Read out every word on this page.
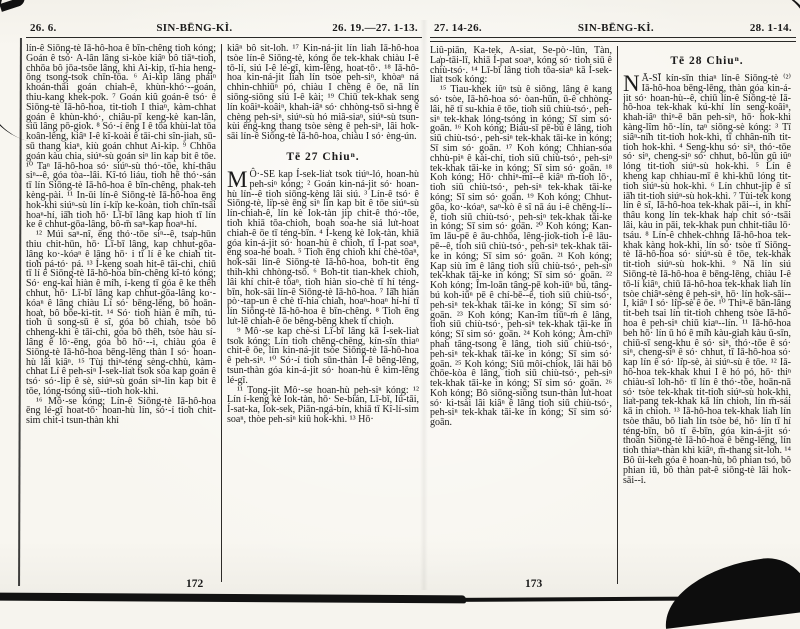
26. 6.	SIN-BĒNG-KÌ.	26. 19.—27. 1-13.

lín-ê Siōng-tè Iā-hô-hoa ê bīn-chêng tio̍h kóng; Goán ê tsó· A-lân lâng sì-kòe kiâⁿ bô tiāⁿ-tio̍h, chhōa bô jōa-tsōe lâng, khì Ai-kip, tī-hia heng-ōng tsong-tso̍k chīn-tōa. ⁶ Ai-kip lâng pháiⁿ khoán-thāi goán chiah-ê, khùn-khó·--goán, thiu-kang khek-po̍k. ⁷ Goán kiû goán-ê tsó· ê Siōng-tè Iā-hô-hoa, tit-tio̍h I thiaⁿ, kàm-chhat goán ê khùn-khó·, chiâu-pī keng-kè kan-lân, siū lâng pō-gio̍k. ⁸ Só·-í ēng I ê tōa khùi-la̍t tōa koân-lêng, kiâⁿ I-ê kî-koài ê tāi-chì sîn-jiah, sū-sū thang kiaⁿ, kiù goán chhut Ai-kip. ⁹ Chhōa goán kàu chia, siúⁿ-sù goán siⁿ lin kap bit ê tōe. ¹⁰ Taⁿ Iā-hô-hoa só· siúⁿ-sù thó·-tōe, khí-thâu siⁿ--ê, góa tòa--lâi. Kî-tó liáu, tio̍h hē thó·-sán tī lín Siōng-tè Iā-hô-hoa ê bīn-chêng, phak-teh kèng-pài. ¹¹ In-ūi lín-ê Siōng-tè Iā-hô-hoa ēng hok-khì siúⁿ-sù lín í-ki̍p ke-koàn, tio̍h chīn-tsāi hoaⁿ-hí, iā̍h tio̍h hō· Lī-bī lâng kap hioh tī lín ke ê chhut-gōa-lâng, bô-m̄ saⁿ-kap hoaⁿ-hí.

¹² Múi saⁿ-nî, ēng thó·-tōe siⁿ--ê, tsa̍p-hūn thiu chit-hūn, hō· Lī-bī lâng, kap chhut-gōa-lâng ko·-kóaⁿ ê lâng hō· i tī lí ê ke chia̍h tit-tio̍h pá-tó· pá. ¹³ Í-keng soah hit-ê tāi-chì, chiū tī lí ê Siōng-tè Iā-hô-hoa bīn-chêng kî-tó kóng; Só· eng-kai hiàn ê mi̍h, í-keng tī góa ê ke thêh chhut, hō· Lī-bī lâng kap chhut-gōa-lâng ko·-kóaⁿ ê lâng chiàu Lí só· bēng-lēng, bô hoān-hoa̍t, bô bōe-kì-tit. ¹⁴ Só· tio̍h hiàn ê mi̍h, tú-tio̍h ū song-sū ê sî, góa bô chia̍h, tsòe bô chheng-khì ê tāi-chì, góa bô thêh, tsòe hàu sí-lâng ê lō·-ēng, góa bô hō·--i, chiàu góa ê Siōng-tè Iā-hô-hoa bēng-lēng thàn I só· hoan-hù lâi kiâⁿ. ¹⁵ Tùi thiⁿ-téng sèng-chhù, kàm-chhat Lí ê peh-siⁿ Í-sek-lia̍t tso̍k sòa kap goán ê tsó· só·-lip ê sè, siúⁿ-sù goán siⁿ-lin kap bit ê tōe, lóng-tsóng siū--tio̍h hok-khì.

¹⁶ Mô·-se kóng; Lín-ê Siōng-tè Iā-hô-hoa ēng lé-gî hoat-tō· hoan-hù lín, só·-í tio̍h chit-sim chit-ì tsun-thàn khì

kiâⁿ bô sit-lo̍h. ¹⁷ Kin-ná-jit lín lia̍h Iā-hô-hoa tsòe lín-ê Siōng-tè, kóng ōe tek-khak chiàu I-ê tō-lí, siú I-ê lé-gî, kìm-lēng, hoat-tō·. ¹⁸ Iā-hô-hoa kin-ná-jit lia̍h lín tsòe peh-siⁿ, khòaⁿ ná chhin-chhiūⁿ pó, chiàu I chêng ê ōe, nā lín siōng-siōng siú I-ê kài; ¹⁹ Chiū tek-khak seng lín koâiⁿ-koâiⁿ, khah-iâⁿ só· chhòng-tsō sì-hng ê chèng peh-siⁿ, siúⁿ-sù hó miâ-siaⁿ, siúⁿ-sù tsun-kùi êng-kng thang tsòe sèng ê peh-siⁿ, lâi ho̍k-sāi lín-ê Siōng-tè Iā-hô-hoa, chiàu I só· èng-ún.

Tē 27 Chiuⁿ.

M Ô·-SE kap Í-sek-lia̍t tso̍k tiúⁿ-ló, hoan-hù peh-siⁿ kóng; ² Goán kin-ná-jit só· hoan-hù lín--ê tio̍h siōng-kèng lâi siú. ³ Lín-ê tsó· ê Siōng-tè, li̍p-sè ēng siⁿ lin kap bit ê tōe siúⁿ-sù lín-chiah-ê, lín kè Iok-tàn jip chit-ê thó·-tōe, tio̍h khiā tōa-chio̍h, boah soa-he siá lu̍t-hoat chiah-ê ōe tī téng-bīn. ⁴ Í-keng kè Iok-tàn, khiā góa kin-á-jit só· hoan-hù ê chio̍h, tī Í-pat soaⁿ, ēng soa-he boah. ⁵ Tio̍h ēng chio̍h khí chè-tôaⁿ, ho̍k-sāi lín-ê Siōng-tè Iā-hô-hoa, bo̍h-tit ēng thih-khì chhòng-tsō. ⁶ Bo̍h-tit tian-khek chio̍h, lâi khí chit-ê tôaⁿ, tio̍h hiàn sio-chè tī hí téng-bīn, ho̍k-sāi lín-ê Siōng-tè Iā-hô-hoa. ⁷ Iā̍h hiàn pò·-tap-un ê chè tī-hia chia̍h, hoaⁿ-hoaⁿ hí-hí tī lín Siōng-tè Iā-hô-hoa ê bīn-chêng. ⁸ Tio̍h ēng lu̍t-lē chiah-ê ōe bêng-bêng khek tī chio̍h.

⁹ Mô·-se kap chè-si Lī-bī lâng kā Í-sek-lia̍t tso̍k kóng; Lín tio̍h chēng-chēng, kín-sīn thiaⁿ chit-ê ōe, lín kin-ná-jit tsòe Siōng-tè Iā-hô-hoa ê peh-siⁿ. ¹⁰ Só·-í tio̍h sūn-thàn I-ê bēng-lēng, tsun-thàn góa kin-á-jit só· hoan-hù ê kìm-lēng lé-gî.

¹¹ Tong-jit Mô·-se hoan-hù peh-siⁿ kóng: ¹² Lín í-keng kè Iok-tàn, hō· Se-bián, Lī-bī, Iû-tāi, Í-sat-ka, Iok-sek, Piān-ngá-bín, khiā tī Kî-lí-sim soaⁿ, thòe peh-siⁿ kiû hok-khì. ¹³ Hō·

172
27. 14-26.	SIN-BĒNG-KÌ.	28. 1-14.

Liû-piān, Ka-tek, A-siat, Se-pò·-lûn, Tàn, La̍p-tāi-lī, khiā Í-pat soaⁿ, kóng só· tio̍h siū ê chiù-tsó·. ¹⁴ Lī-bī lâng tio̍h tōa-siaⁿ kā Í-sek-lia̍t tso̍k kóng:

¹⁵ Tiau-khek iûⁿ tsù ê siōng, lâng ê kang só· tsòe, Iā-hô-hoa só· òan-hūn, ū-ê chhòng-lâi, hē tī su-khia ê tōe, tio̍h siū chiù-tsó·, peh-siⁿ tek-khak lóng-tsóng ìn kóng; Sī sim só· goān. ¹⁶ Koh kóng; Biáu-sī pē-bú ê lâng, tio̍h siū chiù-tsó·, peh-siⁿ tek-khak tāi-ke ìn kóng; Sī sim só· goān. ¹⁷ Koh kóng; Chhian-sóa chhù-piⁿ ê kài-chí, tio̍h siū chiù-tsó·, peh-siⁿ tek-khak tāi-ke ìn kóng; Sī sim só· goān. ¹⁸ Koh kóng; Hō· chhiⁿ-mî--ê kiâⁿ m̄-tio̍h lō·, tio̍h siū chiù-tsó·, peh-siⁿ tek-khak tāi-ke kóng; Sī sim só· goān. ¹⁹ Koh kóng; Chhut-gōa, ko·-kóaⁿ, saⁿ-kò ê sî nā áu i-ê chēng-lí--ê, tio̍h siū chiù-tsó·, peh-siⁿ tek-khak tāi-ke ìn kóng; Sī sim só· goān. ²⁰ Koh kóng; Kan-îm lāu-pē ê āu-chhōa, lêng-jio̍k-tio̍h i-ê lāu-pē--ê, tio̍h siū chiù-tsó·, peh-siⁿ tek-khak tāi-ke ìn kóng; Sī sim só· goān. ²¹ Koh kóng; Kap siù îm ê lâng tio̍h siū chiù-tsó·, peh-siⁿ tek-khak tāi-ke ìn kóng; Sī sim só· goān. ²² Koh kóng; Îm-loān tâng-pē koh-iūⁿ bú, tâng-bú koh-iūⁿ pē ê chí-bē--ê, tio̍h siū chiù-tsó·, peh-siⁿ tek-khak tāi-ke ìn kóng; Sī sim só· goān. ²³ Koh kóng; Kan-îm tiūⁿ-ḿ ê lâng, tio̍h siū chiù-tsó·, peh-siⁿ tek-khak tāi-ke ìn kóng; Sī sim só· goān. ²⁴ Koh kóng; Àm-chīⁿ phah tâng-tsong ê lâng, tio̍h siū chiù-tsó·, peh-siⁿ tek-khak tāi-ke ìn kóng; Sī sim só· goān. ²⁵ Koh kóng; Siū môi-chiok, lâi hāi bô chōe-kòa ê lâng, tio̍h siū chiù-tsó·, peh-siⁿ tek-khak tāi-ke ìn kóng; Sī sim só· goān. ²⁶ Koh kóng; Bô siōng-siōng tsun-thàn lu̍t-hoat só· kì-tsài lâi kiâⁿ ê lâng tio̍h siū chiù-tsó·, peh-siⁿ tek-khak tāi-ke ìn kóng; Sī sim só· goān.

Tē 28 Chiuⁿ.

N Ā-SĪ kín-sīn thiaⁿ lín-ê Siōng-tè ⁽²⁾ Iā-hô-hoa bēng-lēng, thàn góa kin-á-jit só· hoan-hù--ê, chiū lín-ê Siōng-tè Iā-hô-hoa tek-khak kú-khí lín seng-koâiⁿ, khah-iâⁿ thiⁿ-ē bān peh-siⁿ, hō· hok-khì kàng-lîm hō·-lín, taⁿ siōng-sè kóng: ³ Tī siâⁿ-ni̍h tit-tio̍h hok-khì, tī chhân-ni̍h tit-tio̍h hok-khì. ⁴ Seng-khu só· siⁿ, thó·-tōe só· siⁿ, cheng-siⁿ só· chhut, bô-lūn gû iûⁿ lóng tit-tio̍h siúⁿ-sù hok-khì. ⁵ Lín ê kheng kap chhiau-mī ê khì-khū lóng tit-tio̍h siúⁿ-sù hok-khì. ⁶ Lín chhut-jip ê sî iā̍h tit-tio̍h siúⁿ-sù hok-khì. ⁷ Tùi-te̍k kong lín ê sî, Iā-hô-hoa tek-khak pāi--i, in khí-thâu kong lín tek-khak ha̍p chit só·-tsāi lâi, kàu in pāi, tek-khak pun chhit-tiâu lō· tsáu. ⁸ Lín-ê chhek-chhng Iā-hô-hoa tek-khak kàng hok-khì, lín só· tsòe tī Siōng-tè Iā-hô-hoa só· siúⁿ-sù ê tōe, tek-khak tit-tio̍h siúⁿ-sù hok-khì. ⁹ Nā lín siú Siōng-tè Iā-hô-hoa ê bēng-lēng, chiàu I-ê tō-lí kiâⁿ, chiū Iā-hô-hoa tek-khak lia̍h lín tsòe chiâⁿ-sèng ê peh-siⁿ, hō· lín ho̍k-sāi--I, kiâⁿ I só· li̍p-sè ê ōe. ¹⁰ Thiⁿ-ē bān-lâng tit-beh tsai lín tit-tio̍h chheng tsòe Iā-hô-hoa ê peh-siⁿ chiū kiaⁿ--lín. ¹¹ Iā-hô-hoa beh hō· lín ū hó ê mi̍h kàu-gia̍h kàu ū-sīn, chiū-sī seng-khu ê só· siⁿ, thó·-tōe ê só· siⁿ, cheng-siⁿ ê só· chhut, tī Iā-hô-hoa só· kap lín ê só· li̍p-sè, ài siúⁿ-sù ê tōe. ¹² Iā-hô-hoa tek-khak khui I ê hó pó, hō· thiⁿ chiàu-sî lo̍h-hō· tī lín ê thó·-tōe, hoān-nā só· tsòe tek-khak tit-tio̍h siúⁿ-sù hok-khì, lia̍t-pang tek-khak kā lín chioh, lín m̄-sái kā in chioh. ¹³ Iā-hô-hoa tek-khak lia̍h lín tsòe thâu, bô lia̍h lín tsòe bé, hō· lín tī hí téng-bīn, bô tī ē-bīn, góa kin-á-jit só· thoân Siōng-tè Iā-hô-hoa ê bēng-lēng, lín tio̍h thiaⁿ-thàn khì kiâⁿ, m̄-thang sit-lo̍h. ¹⁴ Bô ûi-ke̍h góa ê hoan-hù, bô phian tsó, bô phian iū, bô thàn pa̍t-ê siōng-tè lâi ho̍k-sāi--i.

173
